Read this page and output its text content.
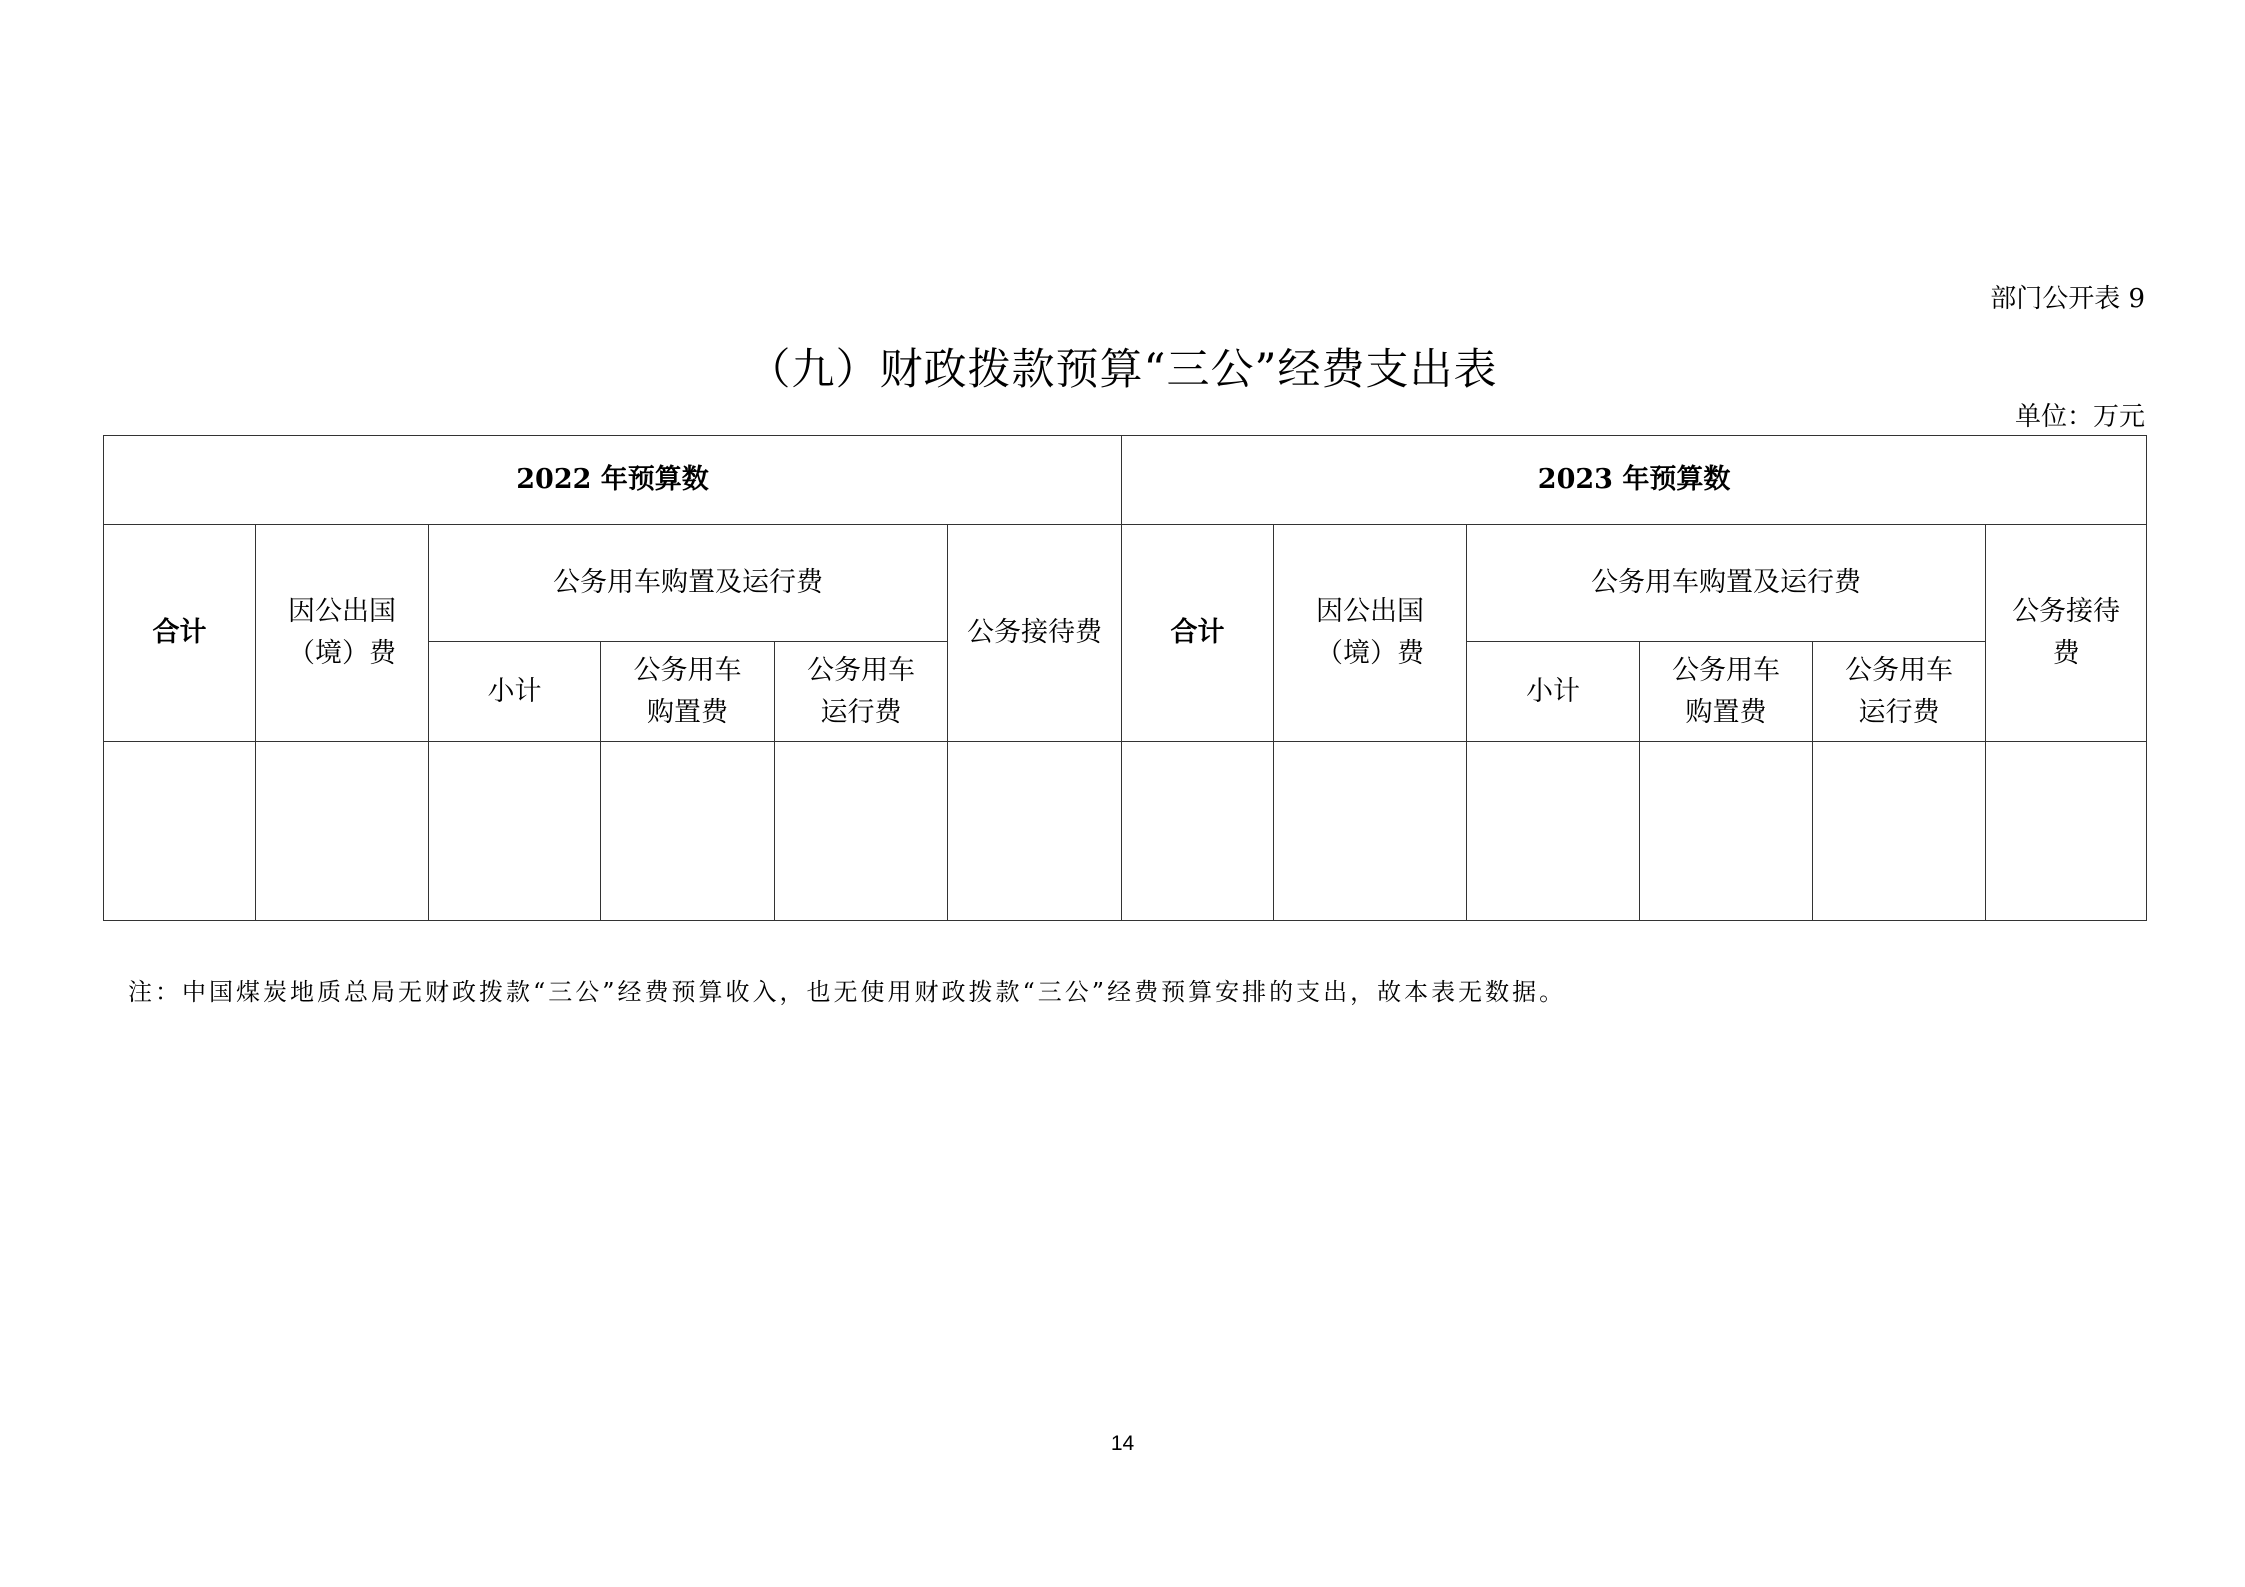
部门公开表 9
（九）财政拨款预算“三公”经费支出表
单位：万元
2022 年预算数						2023 年预算数					
合计	因公出国（境）费	公务用车购置及运行费			公务接待费	合计	因公出国（境）费	公务用车购置及运行费			公务接待费

		小计	公务用车购置费	公务用车运行费				小计	公务用车购置费	公务用车运行费	

注：中国煤炭地质总局无财政拨款“三公”经费预算收入，也无使用财政拨款“三公”经费预算安排的支出，故本表无数据。
14
